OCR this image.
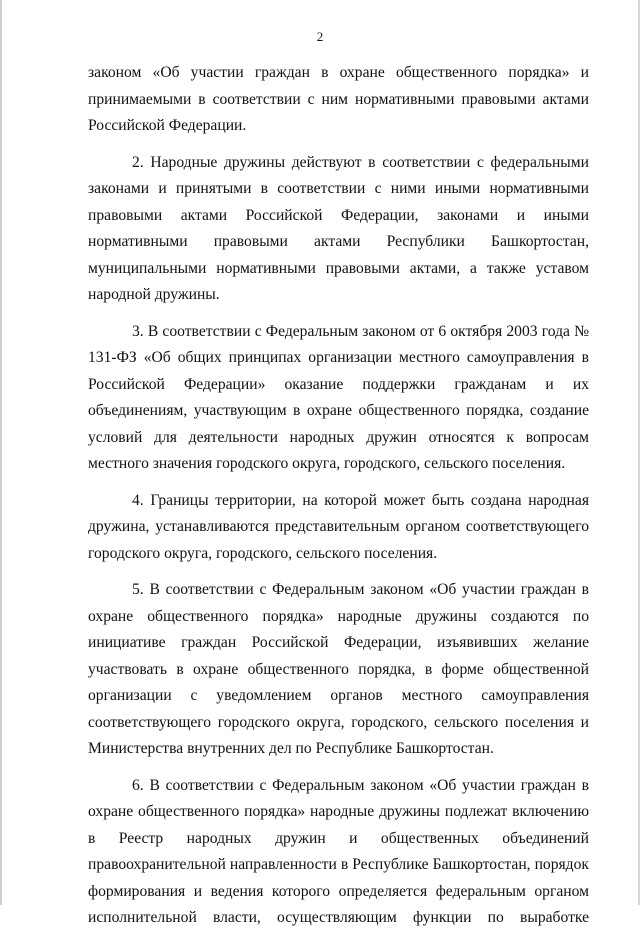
2

законом «Об участии граждан в охране общественного порядка» и принимаемыми в соответствии с ним нормативными правовыми актами Российской Федерации.

2. Народные дружины действуют в соответствии с федеральными законами и принятыми в соответствии с ними иными нормативными правовыми актами Российской Федерации, законами и иными нормативными правовыми актами Республики Башкортостан, муниципальными нормативными правовыми актами, а также уставом народной дружины.

3. В соответствии с Федеральным законом от 6 октября 2003 года № 131-ФЗ «Об общих принципах организации местного самоуправления в Российской Федерации» оказание поддержки гражданам и их объединениям, участвующим в охране общественного порядка, создание условий для деятельности народных дружин относятся к вопросам местного значения городского округа, городского, сельского поселения.

4. Границы территории, на которой может быть создана народная дружина, устанавливаются представительным органом соответствующего городского округа, городского, сельского поселения.

5. В соответствии с Федеральным законом «Об участии граждан в охране общественного порядка» народные дружины создаются по инициативе граждан Российской Федерации, изъявивших желание участвовать в охране общественного порядка, в форме общественной организации с уведомлением органов местного самоуправления соответствующего городского округа, городского, сельского поселения и Министерства внутренних дел по Республике Башкортостан.

6. В соответствии с Федеральным законом «Об участии граждан в охране общественного порядка» народные дружины подлежат включению в Реестр народных дружин и общественных объединений правоохранительной направленности в Республике Башкортостан, порядок формирования и ведения которого определяется федеральным органом исполнительной власти, осуществляющим функции по выработке
